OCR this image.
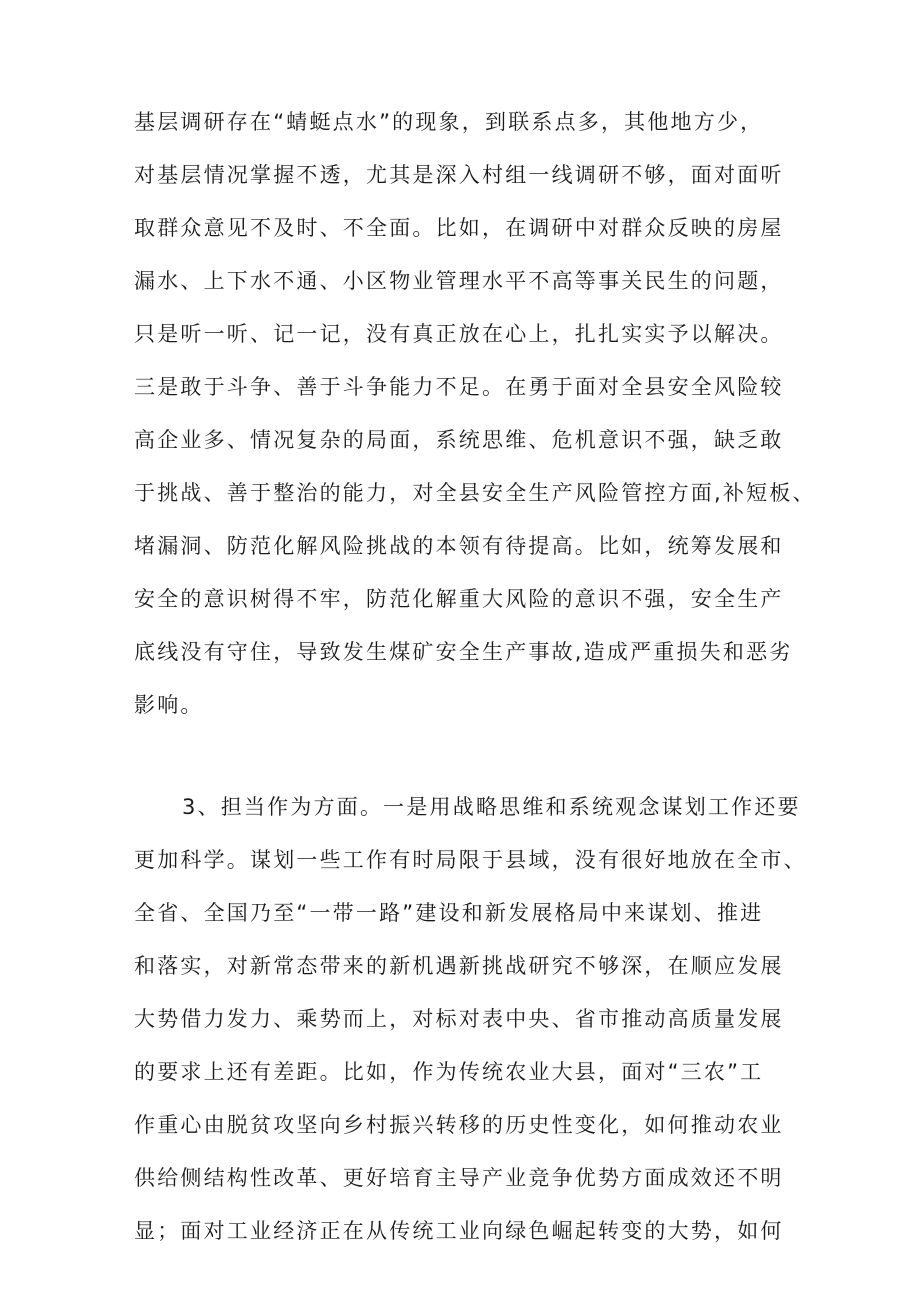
基层调研存在“蜻蜓点水”的现象，到联系点多，其他地方少，
对基层情况掌握不透，尤其是深入村组一线调研不够，面对面听
取群众意见不及时、不全面。比如，在调研中对群众反映的房屋
漏水、上下水不通、小区物业管理水平不高等事关民生的问题，
只是听一听、记一记，没有真正放在心上，扎扎实实予以解决。
三是敢于斗争、善于斗争能力不足。在勇于面对全县安全风险较
高企业多、情况复杂的局面，系统思维、危机意识不强，缺乏敢
于挑战、善于整治的能力，对全县安全生产风险管控方面,补短板、
堵漏洞、防范化解风险挑战的本领有待提高。比如，统筹发展和
安全的意识树得不牢，防范化解重大风险的意识不强，安全生产
底线没有守住，导致发生煤矿安全生产事故,造成严重损失和恶劣
影响。
3、担当作为方面。一是用战略思维和系统观念谋划工作还要
更加科学。谋划一些工作有时局限于县域，没有很好地放在全市、
全省、全国乃至“一带一路”建设和新发展格局中来谋划、推进
和落实，对新常态带来的新机遇新挑战研究不够深，在顺应发展
大势借力发力、乘势而上，对标对表中央、省市推动高质量发展
的要求上还有差距。比如，作为传统农业大县，面对“三农”工
作重心由脱贫攻坚向乡村振兴转移的历史性变化，如何推动农业
供给侧结构性改革、更好培育主导产业竞争优势方面成效还不明
显；面对工业经济正在从传统工业向绿色崛起转变的大势，如何
